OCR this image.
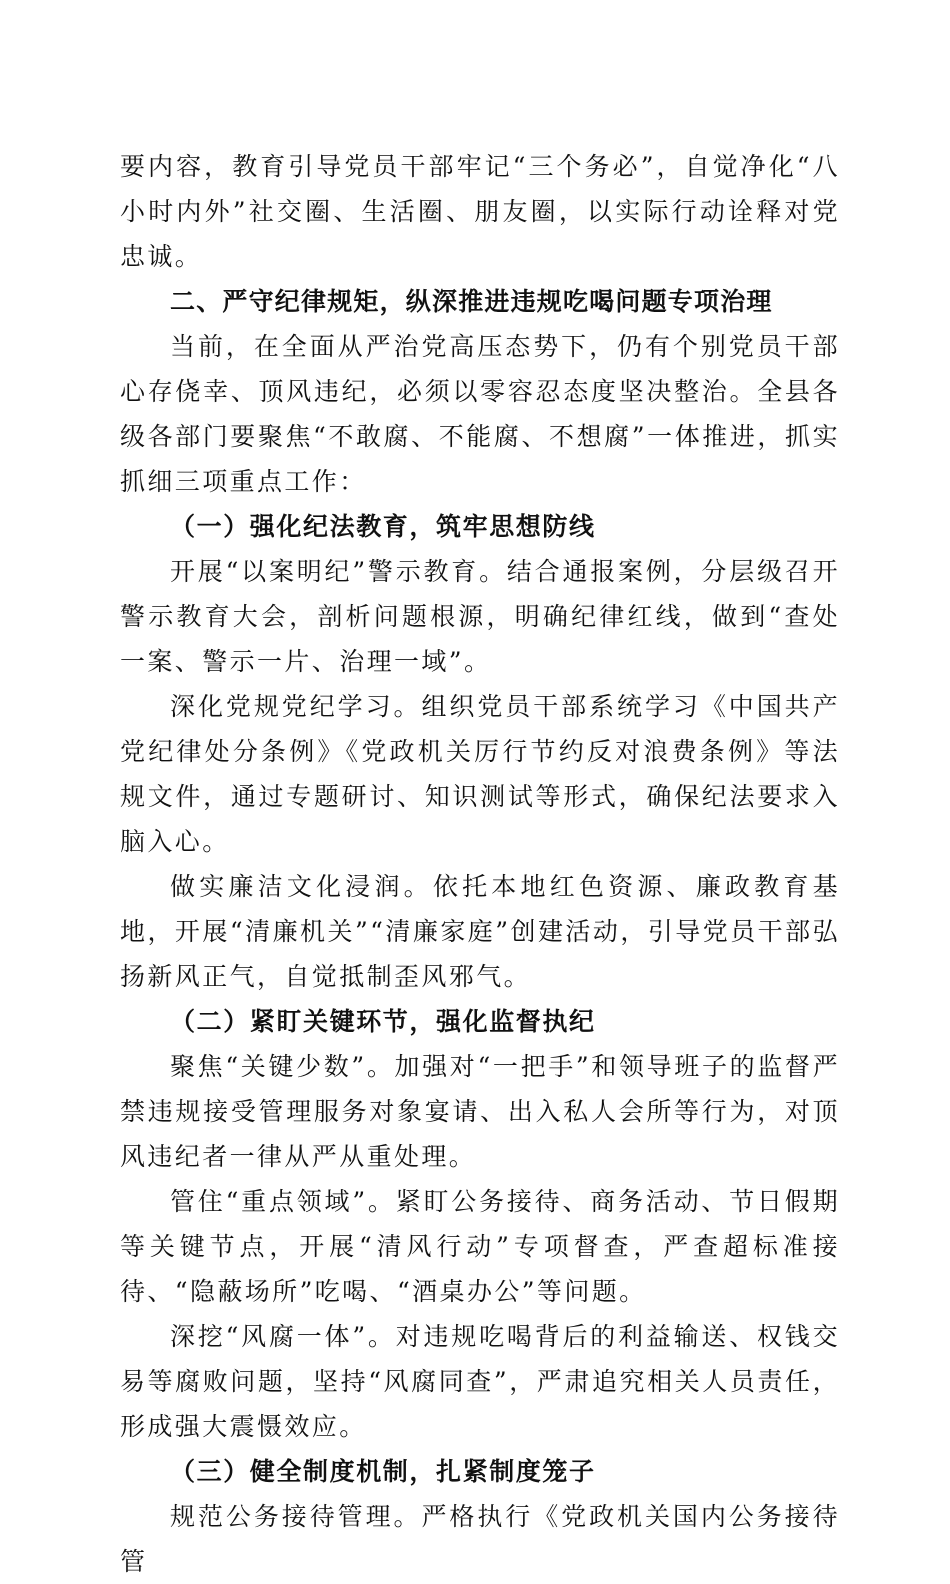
要内容，教育引导党员干部牢记“三个务必”，自觉净化“八小时内外”社交圈、生活圈、朋友圈，以实际行动诠释对党忠诚。

二、严守纪律规矩，纵深推进违规吃喝问题专项治理

当前，在全面从严治党高压态势下，仍有个别党员干部心存侥幸、顶风违纪，必须以零容忍态度坚决整治。全县各级各部门要聚焦“不敢腐、不能腐、不想腐”一体推进，抓实抓细三项重点工作：

（一）强化纪法教育，筑牢思想防线

开展“以案明纪”警示教育。结合通报案例，分层级召开警示教育大会，剖析问题根源，明确纪律红线，做到“查处一案、警示一片、治理一域”。

深化党规党纪学习。组织党员干部系统学习《中国共产党纪律处分条例》《党政机关厉行节约反对浪费条例》等法规文件，通过专题研讨、知识测试等形式，确保纪法要求入脑入心。

做实廉洁文化浸润。依托本地红色资源、廉政教育基地，开展“清廉机关”“清廉家庭”创建活动，引导党员干部弘扬新风正气，自觉抵制歪风邪气。

（二）紧盯关键环节，强化监督执纪

聚焦“关键少数”。加强对“一把手”和领导班子的监督严禁违规接受管理服务对象宴请、出入私人会所等行为，对顶风违纪者一律从严从重处理。

管住“重点领域”。紧盯公务接待、商务活动、节日假期等关键节点，开展“清风行动”专项督查，严查超标准接待、“隐蔽场所”吃喝、“酒桌办公”等问题。

深挖“风腐一体”。对违规吃喝背后的利益输送、权钱交易等腐败问题，坚持“风腐同查”，严肃追究相关人员责任，形成强大震慑效应。

（三）健全制度机制，扎紧制度笼子

规范公务接待管理。严格执行《党政机关国内公务接待管
